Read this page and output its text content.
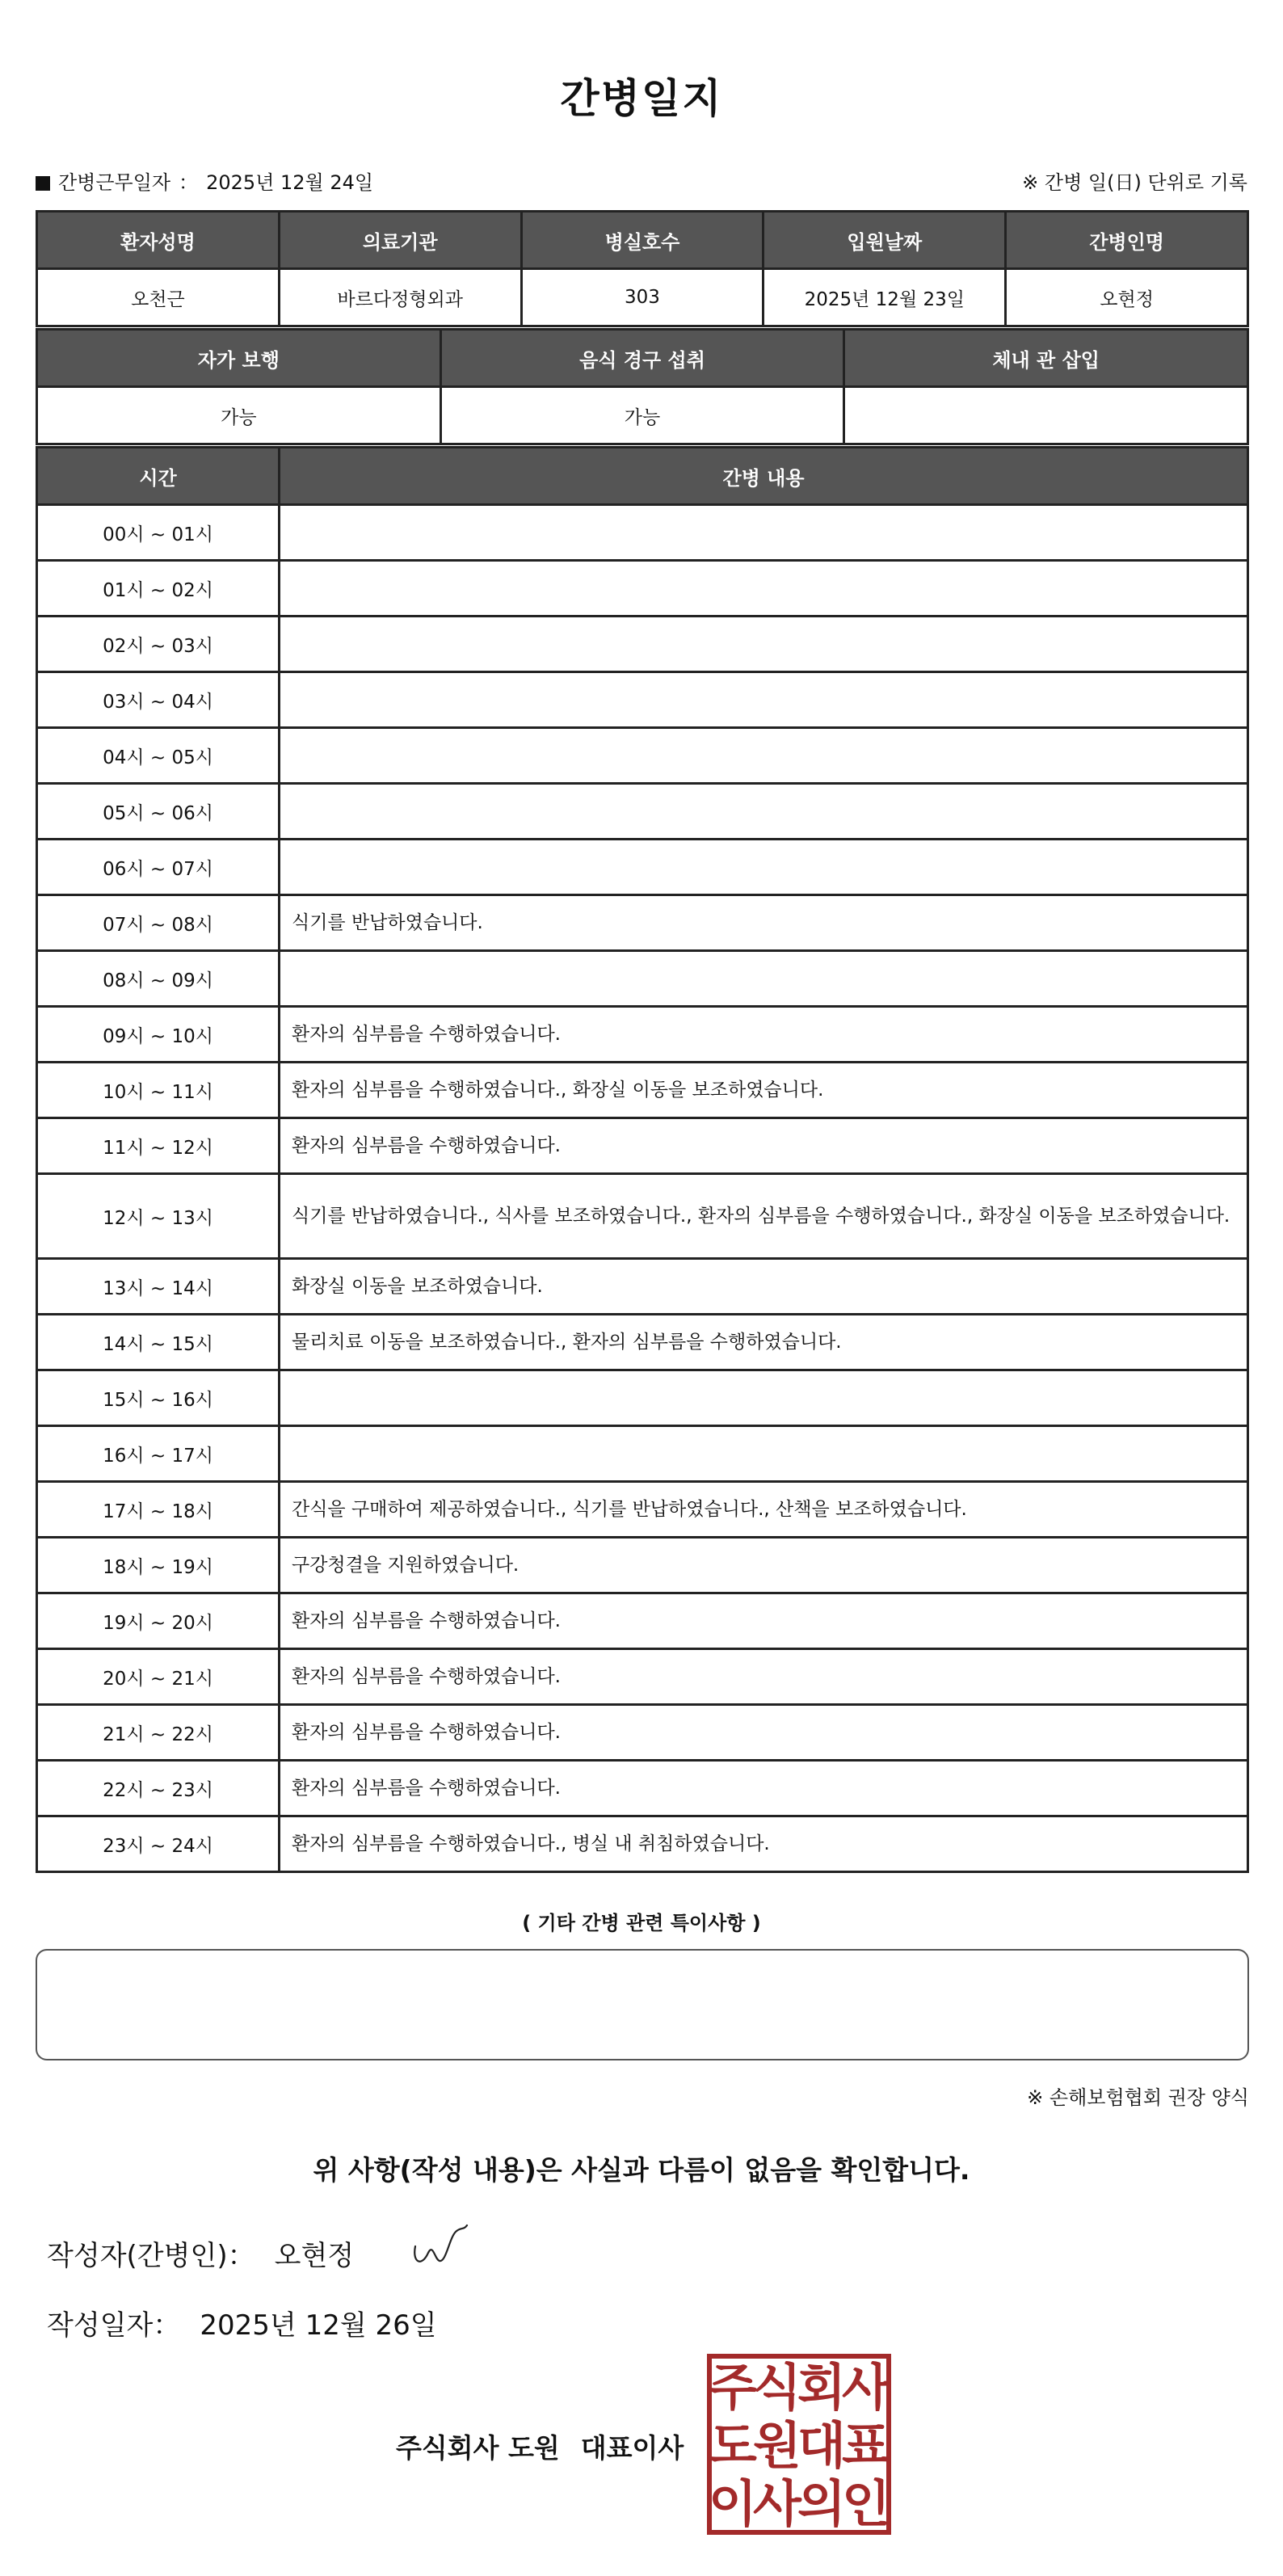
간병일지
간병근무일자 ： 2025년 12월 24일	※ 간병 일(日) 단위로 기록
환자성명	의료기관	병실호수	입원날짜	간병인명
오천근	바르다정형외과	303	2025년 12월 23일	오현정
자가 보행	음식 경구 섭취	체내 관 삽입
가능	가능	
시간	간병 내용
00시 ~ 01시	
01시 ~ 02시	
02시 ~ 03시	
03시 ~ 04시	
04시 ~ 05시	
05시 ~ 06시	
06시 ~ 07시	
07시 ~ 08시	식기를 반납하였습니다.
08시 ~ 09시	
09시 ~ 10시	환자의 심부름을 수행하였습니다.
10시 ~ 11시	환자의 심부름을 수행하였습니다., 화장실 이동을 보조하였습니다.
11시 ~ 12시	환자의 심부름을 수행하였습니다.
12시 ~ 13시	식기를 반납하였습니다., 식사를 보조하였습니다., 환자의 심부름을 수행하였습니다., 화장실 이동을 보조하였습니다.
13시 ~ 14시	화장실 이동을 보조하였습니다.
14시 ~ 15시	물리치료 이동을 보조하였습니다., 환자의 심부름을 수행하였습니다.
15시 ~ 16시	
16시 ~ 17시	
17시 ~ 18시	간식을 구매하여 제공하였습니다., 식기를 반납하였습니다., 산책을 보조하였습니다.
18시 ~ 19시	구강청결을 지원하였습니다.
19시 ~ 20시	환자의 심부름을 수행하였습니다.
20시 ~ 21시	환자의 심부름을 수행하였습니다.
21시 ~ 22시	환자의 심부름을 수행하였습니다.
22시 ~ 23시	환자의 심부름을 수행하였습니다.
23시 ~ 24시	환자의 심부름을 수행하였습니다., 병실 내 취침하였습니다.
( 기타 간병 관련 특이사항 )
※ 손해보험협회 권장 양식
위 사항(작성 내용)은 사실과 다름이 없음을 확인합니다.
작성자(간병인)： 오현정
작성일자： 2025년 12월 26일
주식회사 도원 대표이사
주
식
회
사
도
원
대
표
이
사
의
인
